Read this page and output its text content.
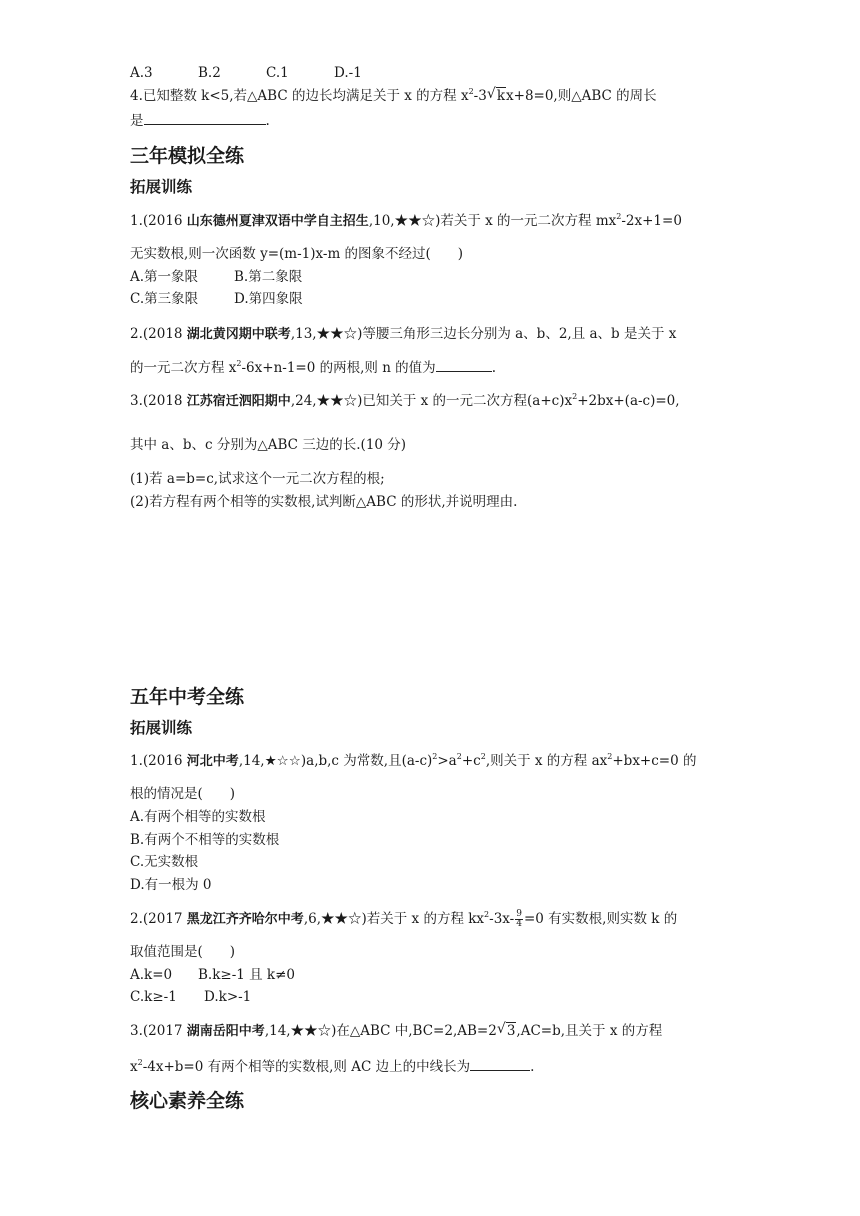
A.3	B.2	C.1	D.-1
4.已知整数 k<5,若△ABC 的边长均满足关于 x 的方程 $x^2-3√$ kx+8=0,则△ABC 的周长
是	.
三年模拟全练
拓展训练
1.(2016 山东德州夏津双语中学自主招生,10,★★☆)若关于 x 的一元二次方程 $mx^2-2x+1=0$
无实数根,则一次函数 y=(m-1)x-m 的图象不经过(　　)
A.第一象限	B.第二象限
C.第三象限	D.第四象限
2.(2018 湖北黄冈期中联考,13,★★☆)等腰三角形三边长分别为 a、b、2,且 a、b 是关于 x
的一元二次方程 $x^2-6x+n-1=0$ 的两根,则 n 的值为	.
3.(2018 江苏宿迁泗阳期中,24,★★☆)已知关于 x 的一元二次方程$(a+c)x^2+2bx+(a-c)=0$,
其中 a、b、c 分别为△ABC 三边的长.(10 分)
(1)若 a=b=c,试求这个一元二次方程的根;
(2)若方程有两个相等的实数根,试判断△ABC 的形状,并说明理由.
五年中考全练
拓展训练
1.(2016 河北中考,14,★☆☆)a,b,c 为常数,且$(a-c)^2>a^2+c^2$,则关于 x 的方程 $ax^2+bx+c=0$ 的
根的情况是(　　)
A.有两个相等的实数根
B.有两个不相等的实数根
C.无实数根
D.有一根为 0
2.(2017 黑龙江齐齐哈尔中考,6,★★☆)若关于 x 的方程 $kx^2-3x- \frac{9}{4} =0$ 有实数根,则实数 k 的
取值范围是(　　)
A.k=0 B.k≥-1 且 k≠0
C.k≥-1 D.k>-1
3.(2017 湖南岳阳中考,14,★★☆)在△ABC 中,BC=2,AB=2√ 3,AC=b,且关于 x 的方程
$x^2-4x+b=0$ 有两个相等的实数根,则 AC 边上的中线长为	.
核心素养全练
